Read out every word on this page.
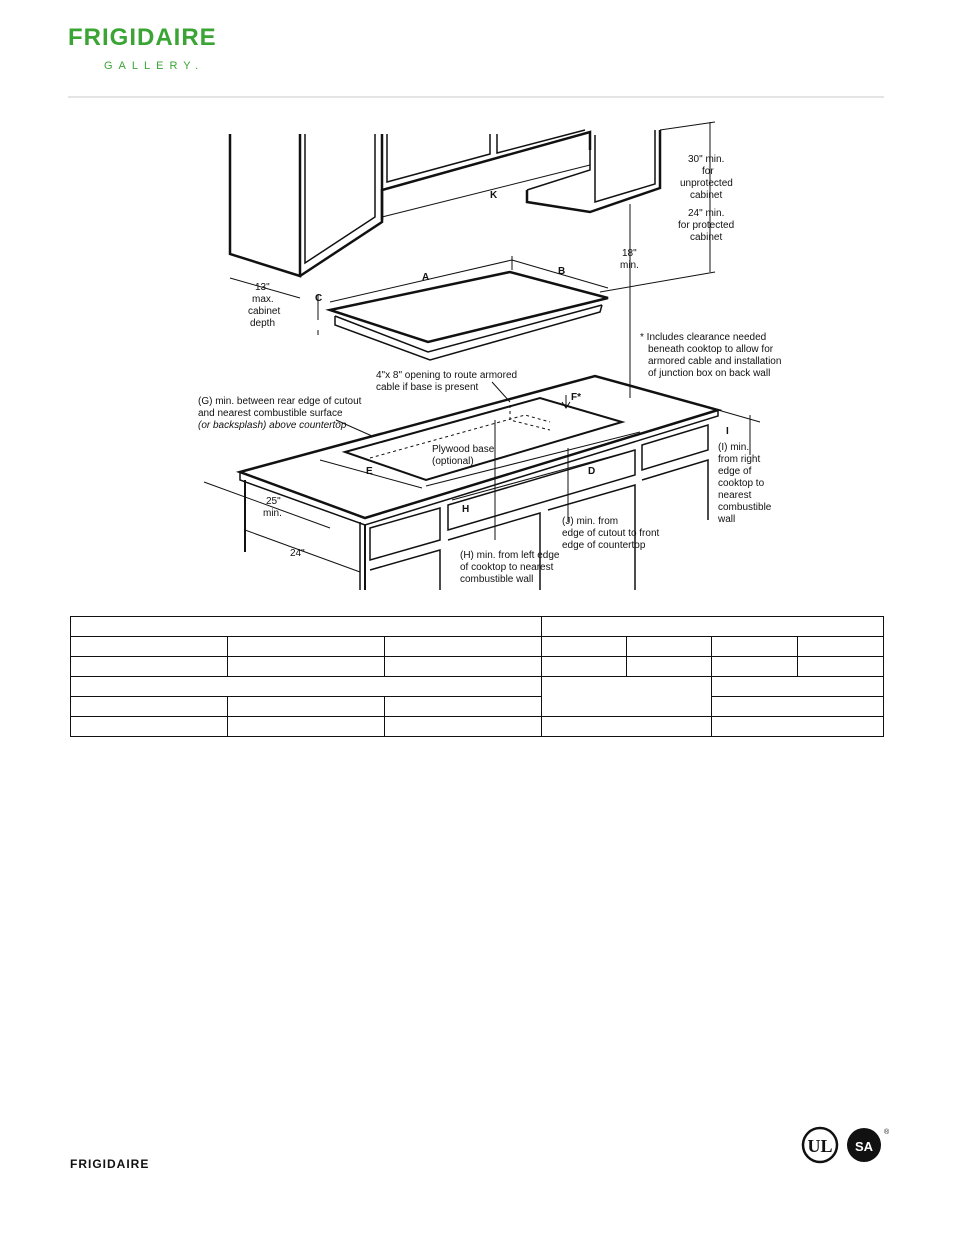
FRIGIDAIRE
GALLERY.
30" min.
for
unprotected
cabinet
24" min.
for protected
cabinet
K
18"
min.
A
B
C
13"
max.
cabinet
depth
* Includes clearance needed
beneath cooktop to allow for
armored cable and installation
of junction box on back wall
4"x 8" opening to route armored
cable if base is present
F*
(G) min. between rear edge of cutout
and nearest combustible surface
(or backsplash) above countertop
Plywood base
(optional)
E	D
I
(I) min.
from right
edge of
cooktop to
nearest
combustible
wall
H
(J) min. from
edge of cutout to front
edge of countertop
(H) min. from left edge
of cooktop to nearest
combustible wall
25"
min.
24"

FRIGIDAIRE
UL SA
®
